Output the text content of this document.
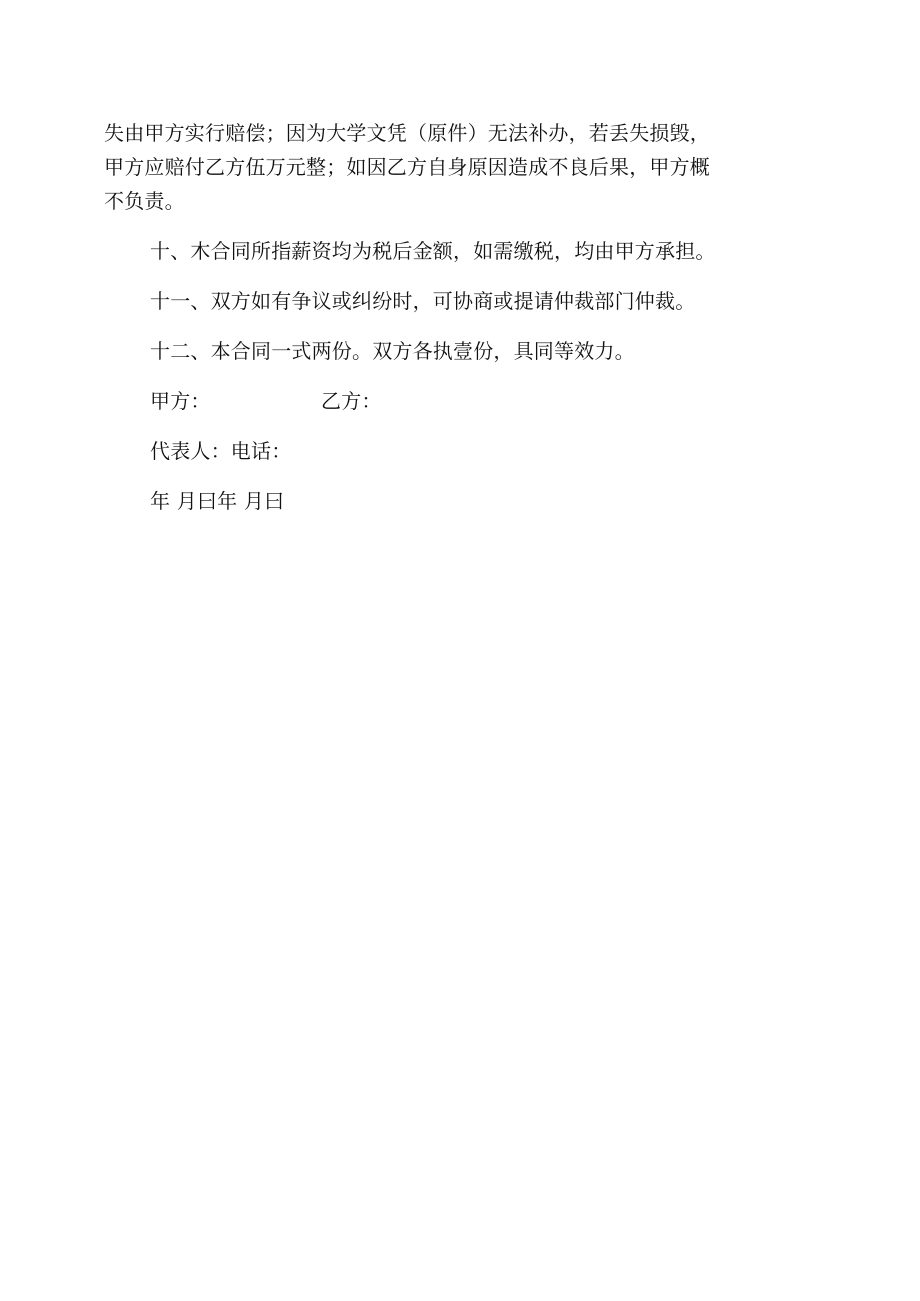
失由甲方实行赔偿；因为大学文凭（原件）无法补办，若丢失损毁，
甲方应赔付乙方伍万元整；如因乙方自身原因造成不良后果，甲方概
不负责。
十、木合同所指薪资均为税后金额，如需缴税，均由甲方承担。
十一、双方如有争议或纠纷时，可协商或提请仲裁部门仲裁。
十二、本合同一式两份。双方各执壹份，具同等效力。
甲方：	乙方：
代表人：电话：
年 月曰年 月曰
